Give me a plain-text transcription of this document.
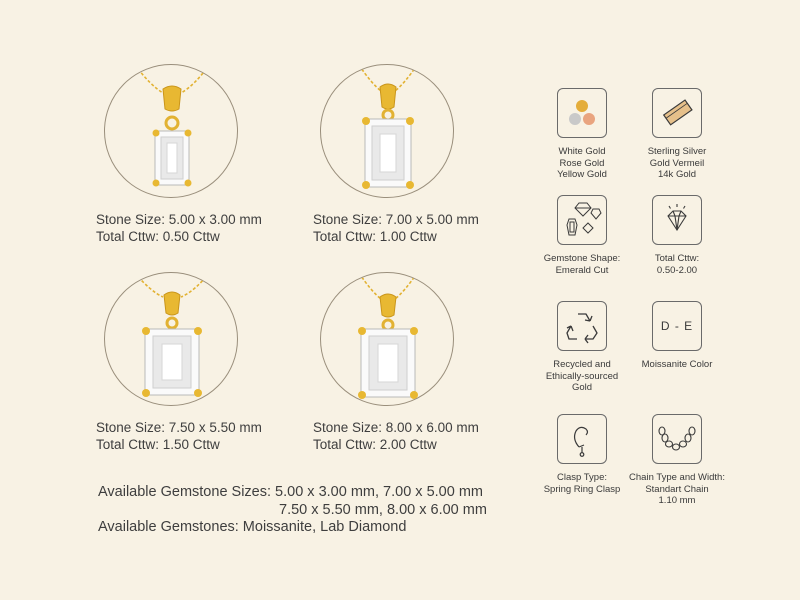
Stone Size: 5.00 x 3.00 mm
Total Cttw: 0.50 Cttw
Stone Size: 7.00 x 5.00 mm
Total Cttw: 1.00 Cttw
Stone Size: 7.50 x 5.50 mm
Total Cttw: 1.50 Cttw
Stone Size: 8.00 x 6.00 mm
Total Cttw: 2.00 Cttw
Available Gemstone Sizes: 5.00 x 3.00 mm, 7.00 x 5.00 mm
7.50 x 5.50 mm, 8.00 x 6.00 mm
Available Gemstones: Moissanite, Lab Diamond
White Gold
Rose Gold
Yellow Gold
Sterling Silver
Gold Vermeil
14k Gold
Gemstone Shape:
Emerald Cut
Total Cttw:
0.50-2.00
Recycled and
Ethically-sourced
Gold
D - E
Moissanite Color
Clasp Type:
Spring Ring Clasp
Chain Type and Width:
Standart Chain
1.10 mm
